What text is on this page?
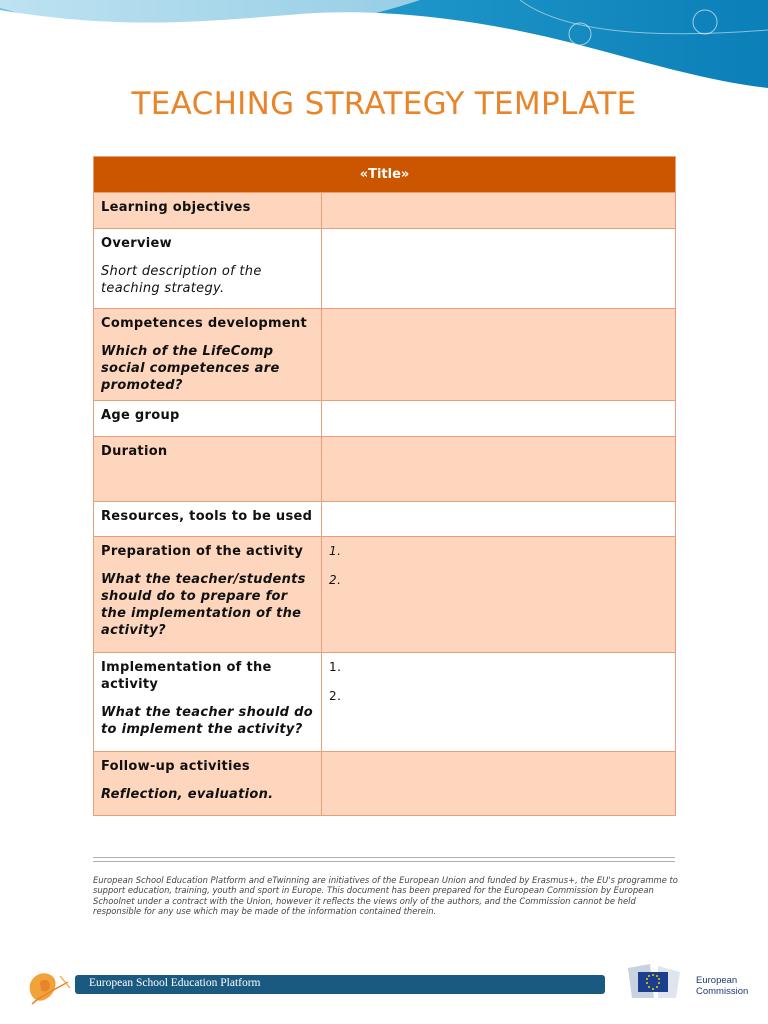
TEACHING STRATEGY TEMPLATE
«Title»	

Learning objectives	

Overview
Short description of the teaching strategy.	

Competences development
Which of the LifeComp social competences are promoted?	

Age group	

Duration	

Resources, tools to be used	

Preparation of the activity
What the teacher/students should do to prepare for the implementation of the activity?	1.
2.

Implementation of the activity
What the teacher should do to implement the activity?	1.
2.

Follow-up activities
Reflection, evaluation.	

European School Education Platform and eTwinning are initiatives of the European Union and funded by Erasmus+, the EU's programme to support education, training, youth and sport in Europe. This document has been prepared for the European Commission by European Schoolnet under a contract with the Union, however it reflects the views only of the authors, and the Commission cannot be held responsible for any use which may be made of the information contained therein.
European School Education Platform	European
Commission
